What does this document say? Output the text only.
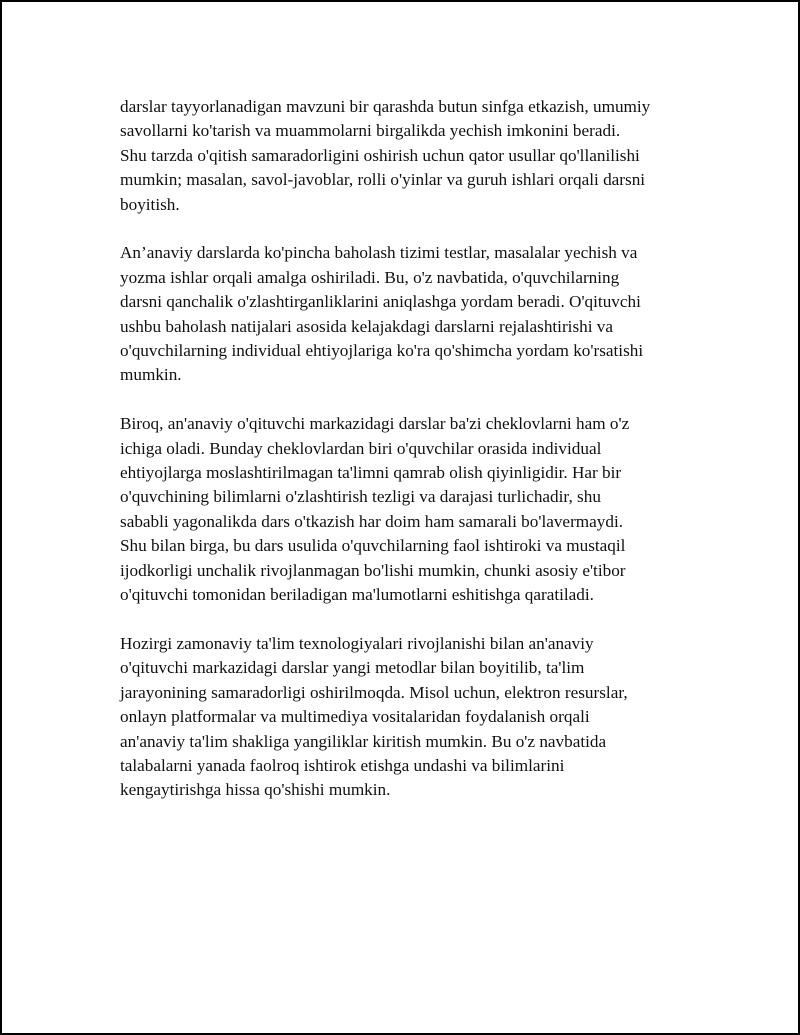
darslar tayyorlanadigan mavzuni bir qarashda butun sinfga etkazish, umumiy
savollarni ko'tarish va muammolarni birgalikda yechish imkonini beradi.
Shu tarzda o'qitish samaradorligini oshirish uchun qator usullar qo'llanilishi
mumkin; masalan, savol-javoblar, rolli o'yinlar va guruh ishlari orqali darsni
boyitish.

An’anaviy darslarda ko'pincha baholash tizimi testlar, masalalar yechish va
yozma ishlar orqali amalga oshiriladi. Bu, o'z navbatida, o'quvchilarning
darsni qanchalik o'zlashtirganliklarini aniqlashga yordam beradi. O'qituvchi
ushbu baholash natijalari asosida kelajakdagi darslarni rejalashtirishi va
o'quvchilarning individual ehtiyojlariga ko'ra qo'shimcha yordam ko'rsatishi
mumkin.

Biroq, an'anaviy o'qituvchi markazidagi darslar ba'zi cheklovlarni ham o'z
ichiga oladi. Bunday cheklovlardan biri o'quvchilar orasida individual
ehtiyojlarga moslashtirilmagan ta'limni qamrab olish qiyinligidir. Har bir
o'quvchining bilimlarni o'zlashtirish tezligi va darajasi turlichadir, shu
sababli yagonalikda dars o'tkazish har doim ham samarali bo'lavermaydi.
Shu bilan birga, bu dars usulida o'quvchilarning faol ishtiroki va mustaqil
ijodkorligi unchalik rivojlanmagan bo'lishi mumkin, chunki asosiy e'tibor
o'qituvchi tomonidan beriladigan ma'lumotlarni eshitishga qaratiladi.

Hozirgi zamonaviy ta'lim texnologiyalari rivojlanishi bilan an'anaviy
o'qituvchi markazidagi darslar yangi metodlar bilan boyitilib, ta'lim
jarayonining samaradorligi oshirilmoqda. Misol uchun, elektron resurslar,
onlayn platformalar va multimediya vositalaridan foydalanish orqali
an'anaviy ta'lim shakliga yangiliklar kiritish mumkin. Bu o'z navbatida
talabalarni yanada faolroq ishtirok etishga undashi va bilimlarini
kengaytirishga hissa qo'shishi mumkin.
